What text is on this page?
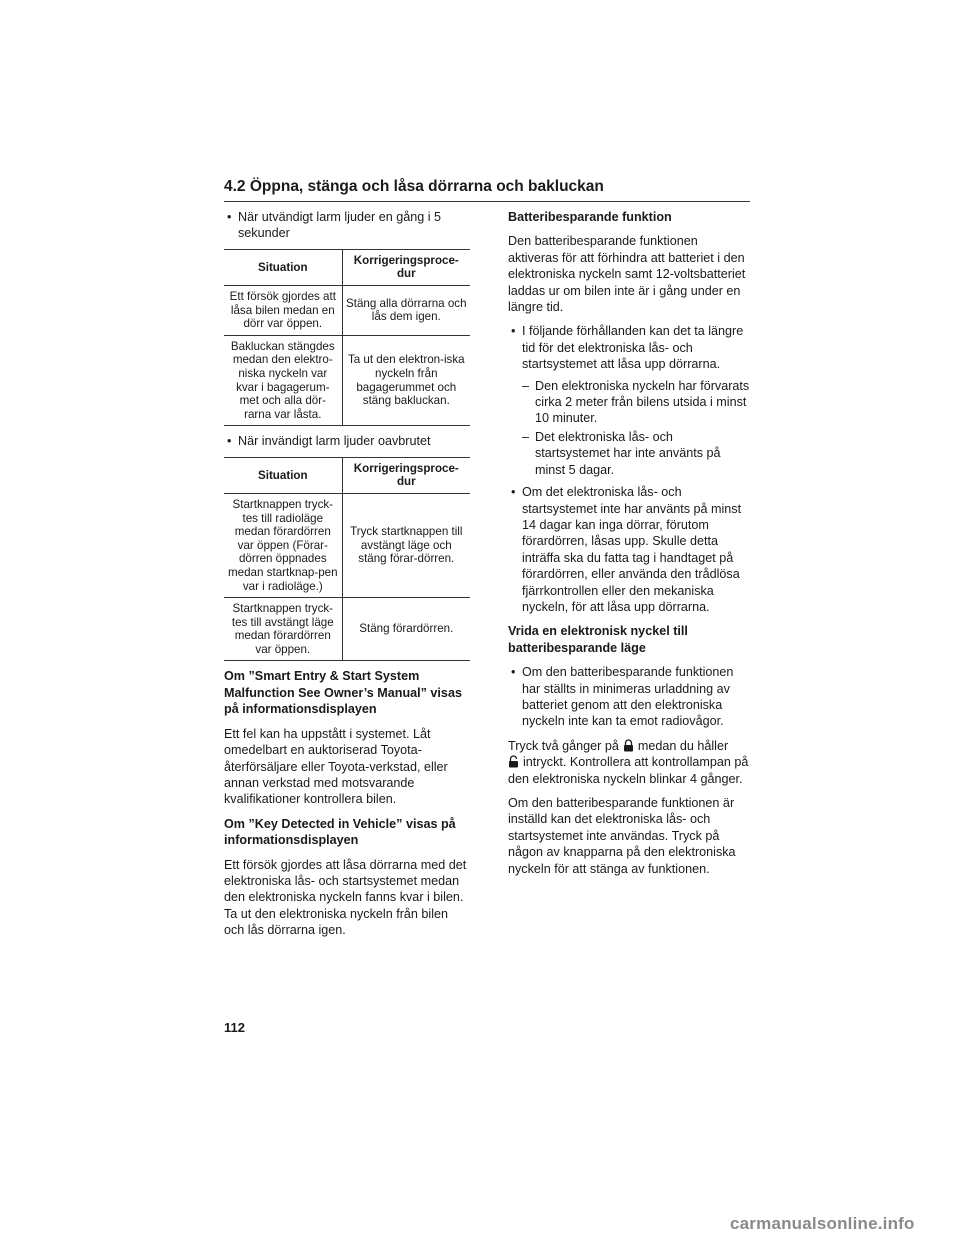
4.2 Öppna, stänga och låsa dörrarna och bakluckan
• När utvändigt larm ljuder en gång i 5 sekunder
Situation	Korrigeringsproce-dur
Ett försök gjordes att låsa bilen medan en dörr var öppen.	Stäng alla dörrarna och lås dem igen.
Bakluckan stängdes medan den elektro-niska nyckeln var kvar i bagagerum-met och alla dör-rarna var låsta.	Ta ut den elektron-iska nyckeln från bagagerummet och stäng bakluckan.
• När invändigt larm ljuder oavbrutet
Situation	Korrigeringsproce-dur
Startknappen tryck-tes till radioläge medan förardörren var öppen (Förar-dörren öppnades medan startknap-pen var i radioläge.)	Tryck startknappen till avstängt läge och stäng förar-dörren.
Startknappen tryck-tes till avstängt läge medan förardörren var öppen.	Stäng förardörren.
Om ”Smart Entry & Start System Malfunction See Owner’s Manual” visas på informationsdisplayen
Ett fel kan ha uppstått i systemet. Låt omedelbart en auktoriserad Toyota-återförsäljare eller Toyota-verkstad, eller annan verkstad med motsvarande kvalifikationer kontrollera bilen.
Om ”Key Detected in Vehicle” visas på informationsdisplayen
Ett försök gjordes att låsa dörrarna med det elektroniska lås- och startsystemet medan den elektroniska nyckeln fanns kvar i bilen. Ta ut den elektroniska nyckeln från bilen och lås dörrarna igen.
Batteribesparande funktion
Den batteribesparande funktionen aktiveras för att förhindra att batteriet i den elektroniska nyckeln samt 12-voltsbatteriet laddas ur om bilen inte är i gång under en längre tid.
• I följande förhållanden kan det ta längre tid för det elektroniska lås- och startsystemet att låsa upp dörrarna.
– Den elektroniska nyckeln har förvarats cirka 2 meter från bilens utsida i minst 10 minuter.
– Det elektroniska lås- och startsystemet har inte använts på minst 5 dagar.
• Om det elektroniska lås- och startsystemet inte har använts på minst 14 dagar kan inga dörrar, förutom förardörren, låsas upp. Skulle detta inträffa ska du fatta tag i handtaget på förardörren, eller använda den trådlösa fjärrkontrollen eller den mekaniska nyckeln, för att låsa upp dörrarna.
Vrida en elektronisk nyckel till batteribesparande läge
• Om den batteribesparande funktionen har ställts in minimeras urladdning av batteriet genom att den elektroniska nyckeln inte kan ta emot radiovågor.
Tryck två gånger på medan du håller
intryckt. Kontrollera att kontrollampan på den elektroniska nyckeln blinkar 4 gånger.
Om den batteribesparande funktionen är inställd kan det elektroniska lås- och startsystemet inte användas. Tryck på någon av knapparna på den elektroniska nyckeln för att stänga av funktionen.
112
carmanualsonline.info
